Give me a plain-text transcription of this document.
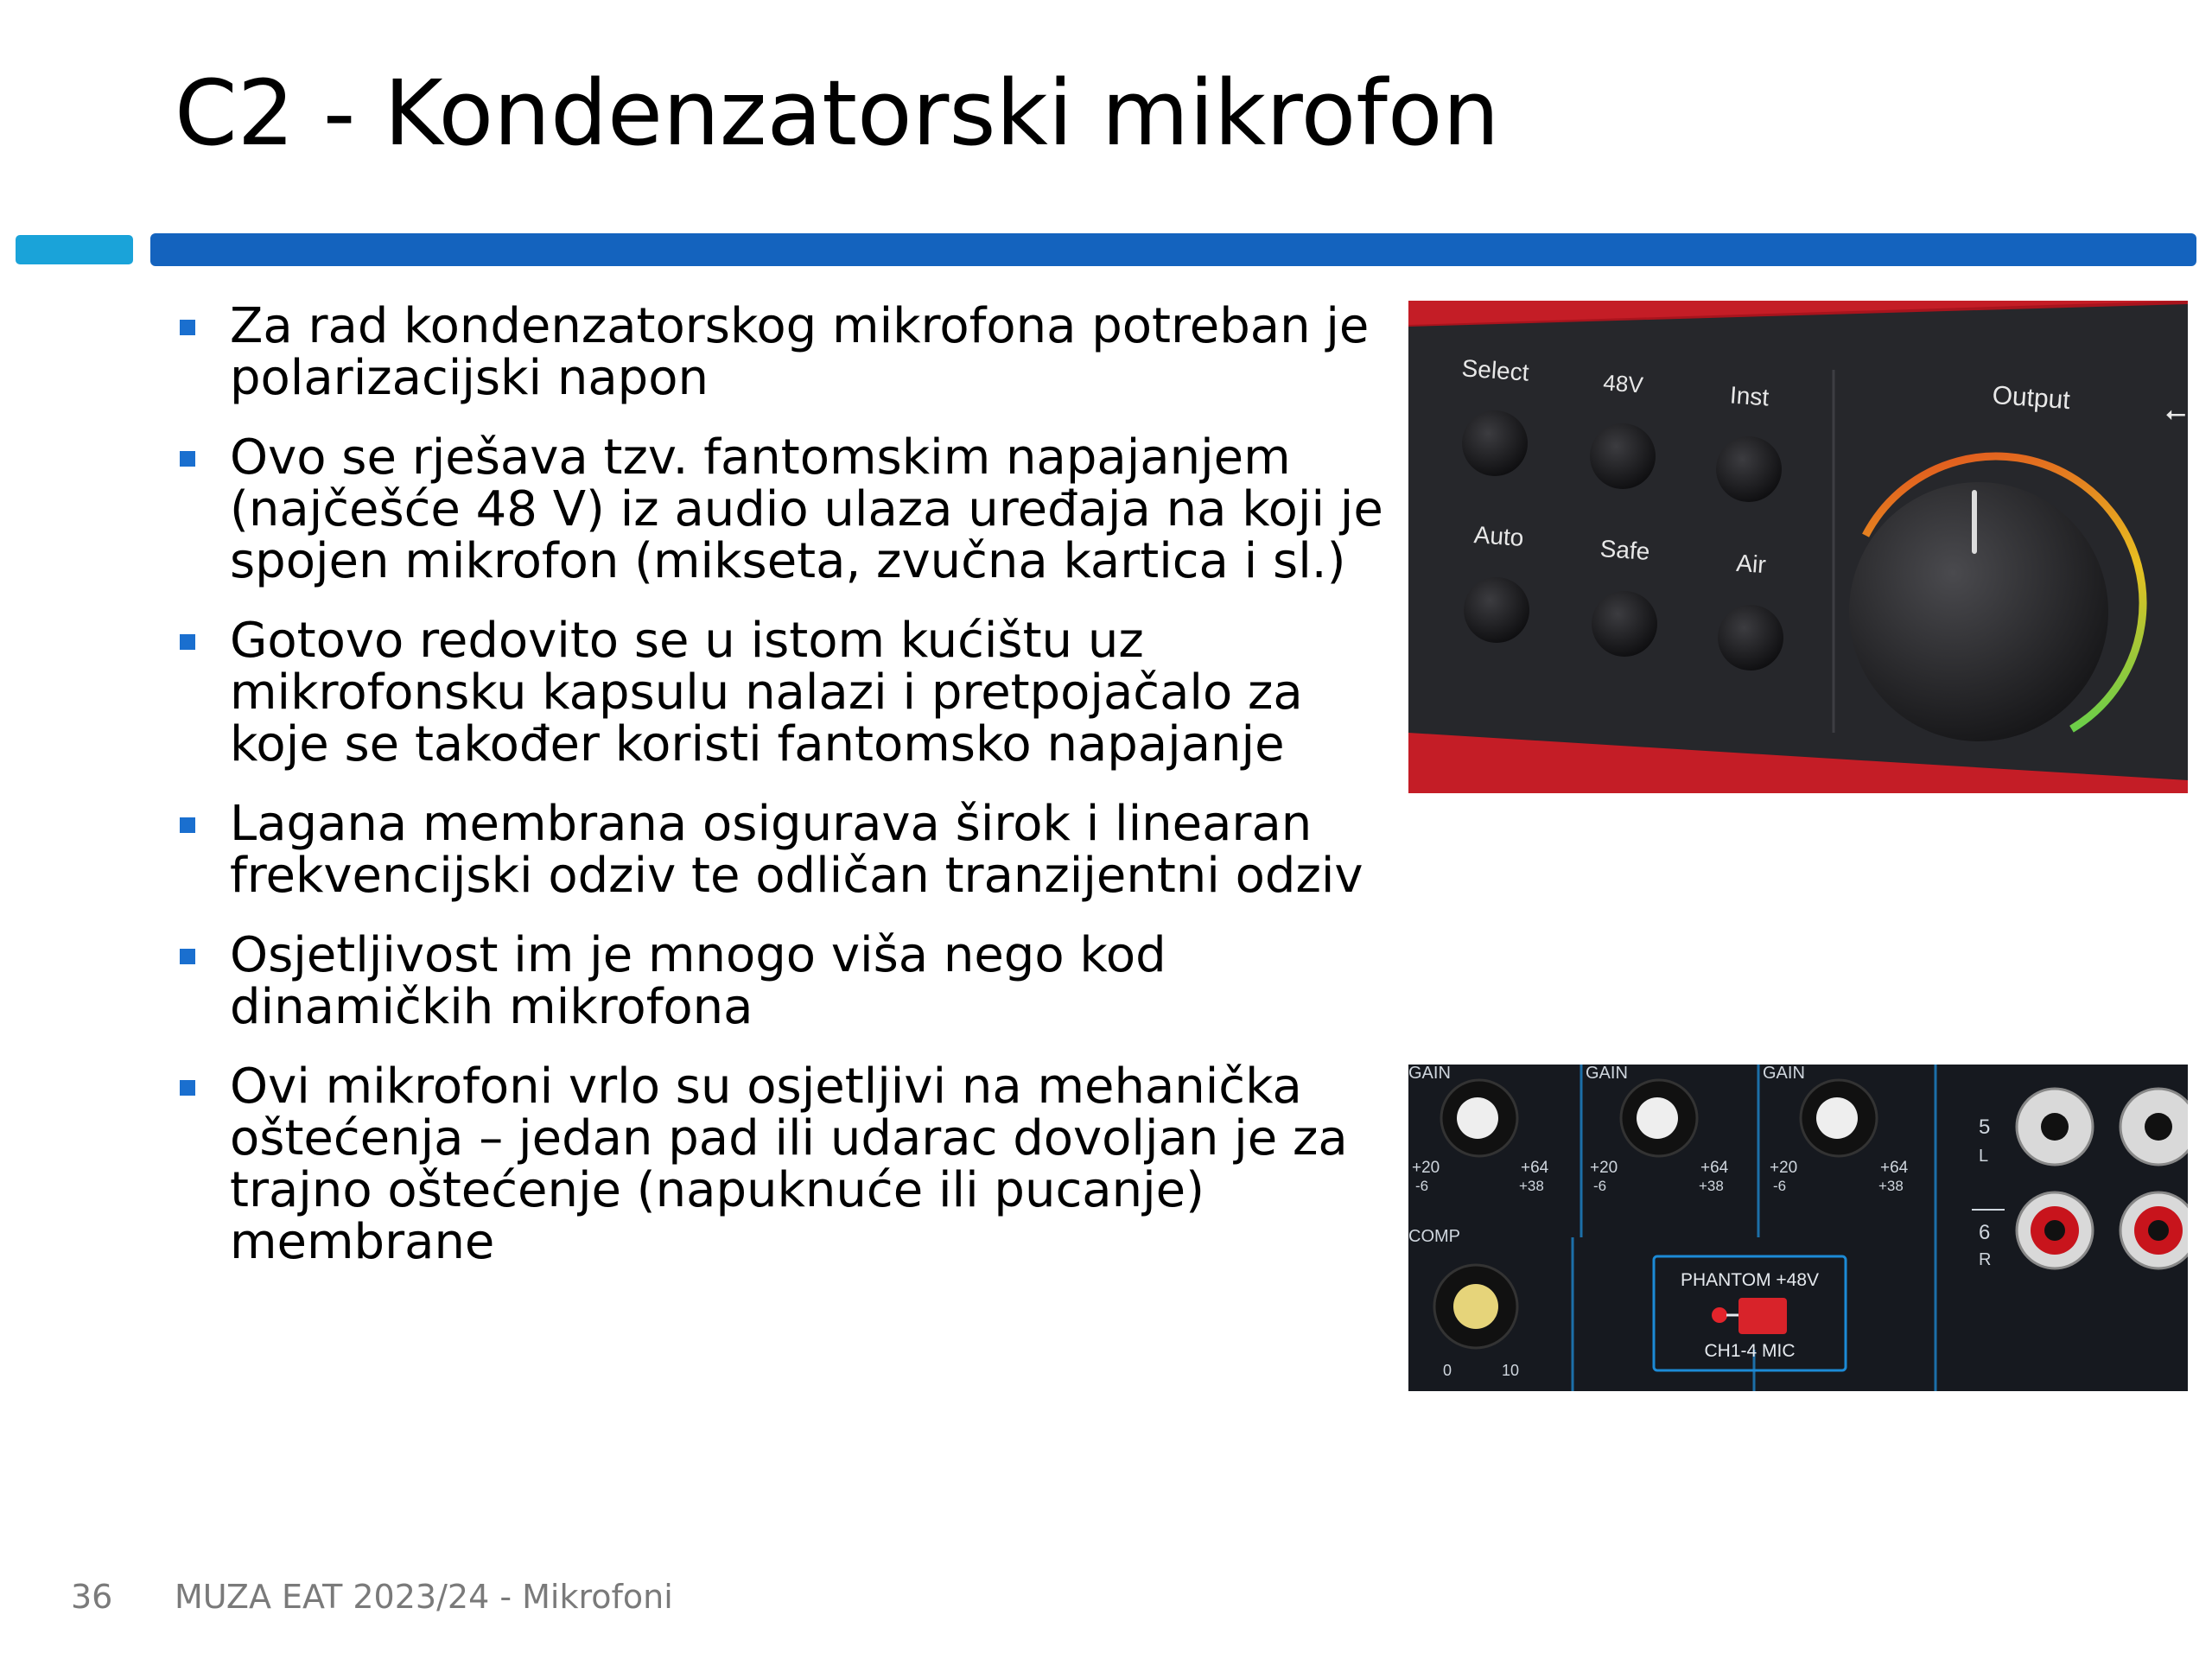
C2 - Kondenzatorski mikrofon
Za rad kondenzatorskog mikrofona potreban je polarizacijski napon
Ovo se rješava tzv. fantomskim napajanjem (najčešće 48 V) iz audio ulaza uređaja na koji je spojen mikrofon (mikseta, zvučna kartica i sl.)
Gotovo redovito se u istom kućištu uz mikrofonsku kapsulu nalazi i pretpojačalo za koje se također koristi fantomsko napajanje
Lagana membrana osigurava širok i linearan frekvencijski odziv te odličan tranzijentni odziv
Osjetljivost im je mnogo viša nego kod dinamičkih mikrofona
Ovi mikrofoni vrlo su osjetljivi na mehanička oštećenja – jedan pad ili udarac dovoljan je za trajno oštećenje (napuknuće ili pucanje) membrane
Select	48V	Inst
Auto	Safe	Air
Output	⭠
GAIN
+20
-6
+64
+38
GAIN
+20
-6
+64
+38
GAIN
+20
-6
+64
+38
COMP
0	10
PHANTOM +48V
CH1-4 MIC
5
L
6
R
36 MUZA EAT 2023/24 - Mikrofoni
